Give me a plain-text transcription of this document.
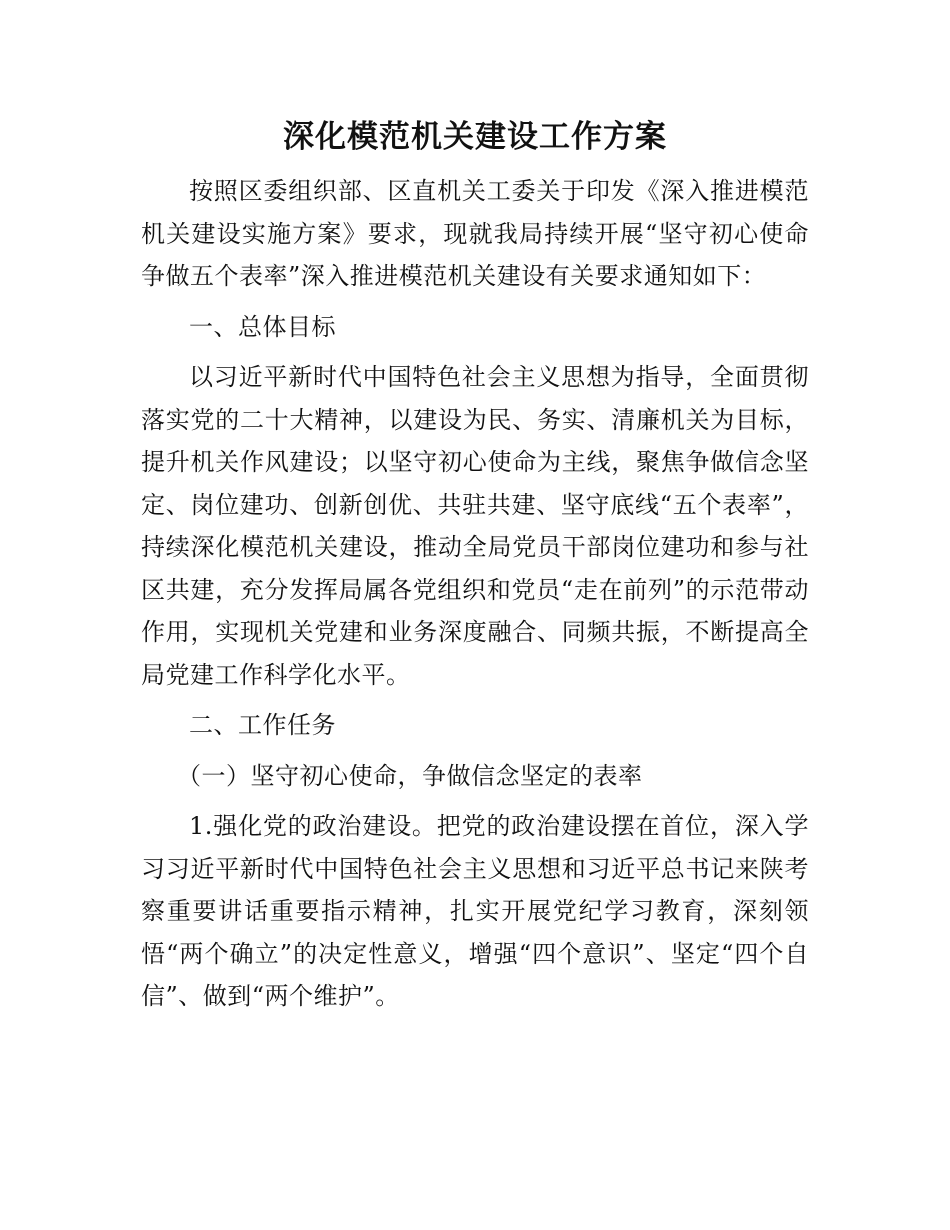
深化模范机关建设工作方案

按照区委组织部、区直机关工委关于印发《深入推进模范机关建设实施方案》要求，现就我局持续开展“坚守初心使命 争做五个表率”深入推进模范机关建设有关要求通知如下：

一、总体目标

以习近平新时代中国特色社会主义思想为指导，全面贯彻落实党的二十大精神，以建设为民、务实、清廉机关为目标，提升机关作风建设；以坚守初心使命为主线，聚焦争做信念坚定、岗位建功、创新创优、共驻共建、坚守底线“五个表率”，持续深化模范机关建设，推动全局党员干部岗位建功和参与社区共建，充分发挥局属各党组织和党员“走在前列”的示范带动作用，实现机关党建和业务深度融合、同频共振，不断提高全局党建工作科学化水平。

二、工作任务

（一）坚守初心使命，争做信念坚定的表率

1.强化党的政治建设。把党的政治建设摆在首位，深入学习习近平新时代中国特色社会主义思想和习近平总书记来陕考察重要讲话重要指示精神，扎实开展党纪学习教育，深刻领悟“两个确立”的决定性意义，增强“四个意识”、坚定“四个自信”、做到“两个维护”。
